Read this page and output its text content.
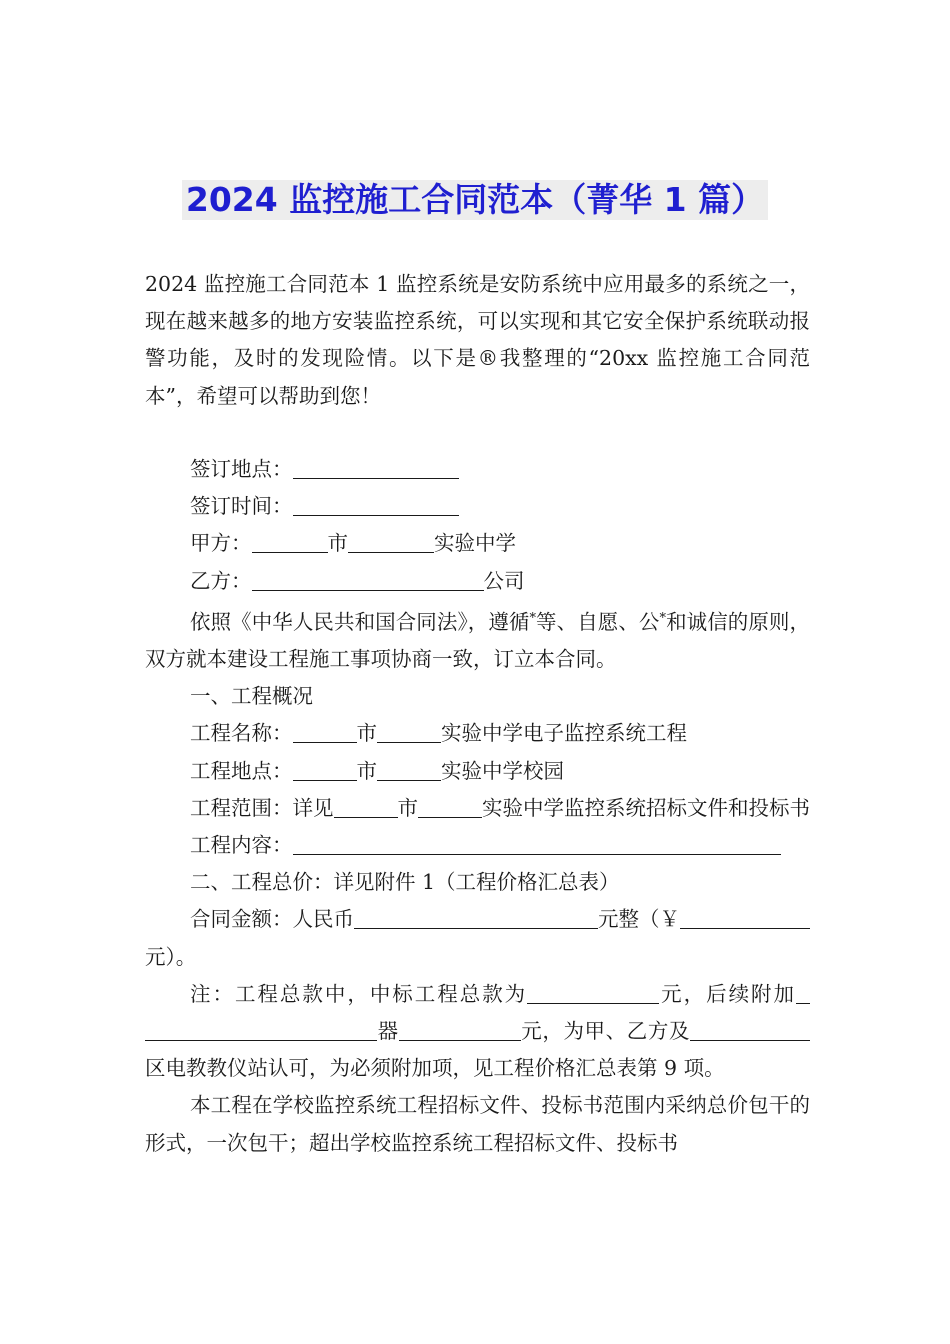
2024 监控施工合同范本（菁华 1 篇）

2024 监控施工合同范本 1 监控系统是安防系统中应用最多的系统之一，现在越来越多的地方安装监控系统，可以实现和其它安全保护系统联动报警功能，及时的发现险情。以下是®我整理的“20xx 监控施工合同范本”，希望可以帮助到您！

签订地点：

签订时间：

甲方：	市	实验中学

乙方：	公司

依照《中华人民共和国合同法》，遵循*等、自愿、公*和诚信的原则，双方就本建设工程施工事项协商一致，订立本合同。

一、工程概况

工程名称：	市	实验中学电子监控系统工程

工程地点：	市	实验中学校园

工程范围：详见	市	实验中学监控系统招标文件和投标书

工程内容：

二、工程总价：详见附件 1（工程价格汇总表）

合同金额：人民币	元整（￥元）。

注：工程总款中，中标工程总款为	元，后续附加器	元，为甲、乙方及区电教教仪站认可，为必须附加项，见工程价格汇总表第 9 项。

本工程在学校监控系统工程招标文件、投标书范围内采纳总价包干的形式，一次包干；超出学校监控系统工程招标文件、投标书
